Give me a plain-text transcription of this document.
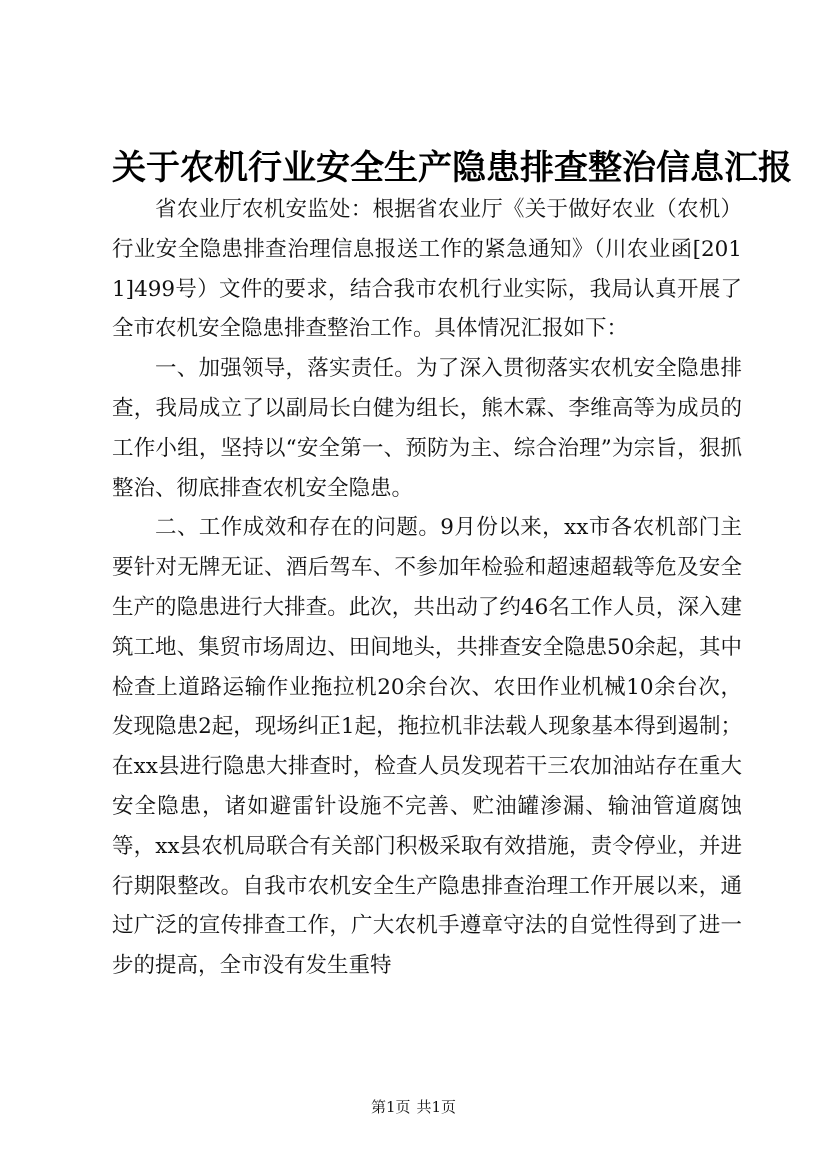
关于农机行业安全生产隐患排查整治信息汇报

省农业厅农机安监处：根据省农业厅《关于做好农业（农机）行业安全隐患排查治理信息报送工作的紧急通知》（川农业函[2011]499号）文件的要求，结合我市农机行业实际，我局认真开展了全市农机安全隐患排查整治工作。具体情况汇报如下：

一、加强领导，落实责任。为了深入贯彻落实农机安全隐患排查，我局成立了以副局长白健为组长，熊木霖、李维高等为成员的工作小组，坚持以“安全第一、预防为主、综合治理”为宗旨，狠抓整治、彻底排查农机安全隐患。

二、工作成效和存在的问题。9月份以来，xx市各农机部门主要针对无牌无证、酒后驾车、不参加年检验和超速超载等危及安全生产的隐患进行大排查。此次，共出动了约46名工作人员，深入建筑工地、集贸市场周边、田间地头，共排查安全隐患50余起，其中检查上道路运输作业拖拉机20余台次、农田作业机械10余台次，发现隐患2起，现场纠正1起，拖拉机非法载人现象基本得到遏制；在xx县进行隐患大排查时，检查人员发现若干三农加油站存在重大安全隐患，诸如避雷针设施不完善、贮油罐渗漏、输油管道腐蚀等，xx县农机局联合有关部门积极采取有效措施，责令停业，并进行期限整改。自我市农机安全生产隐患排查治理工作开展以来，通过广泛的宣传排查工作，广大农机手遵章守法的自觉性得到了进一步的提高，全市没有发生重特

第1页 共1页
